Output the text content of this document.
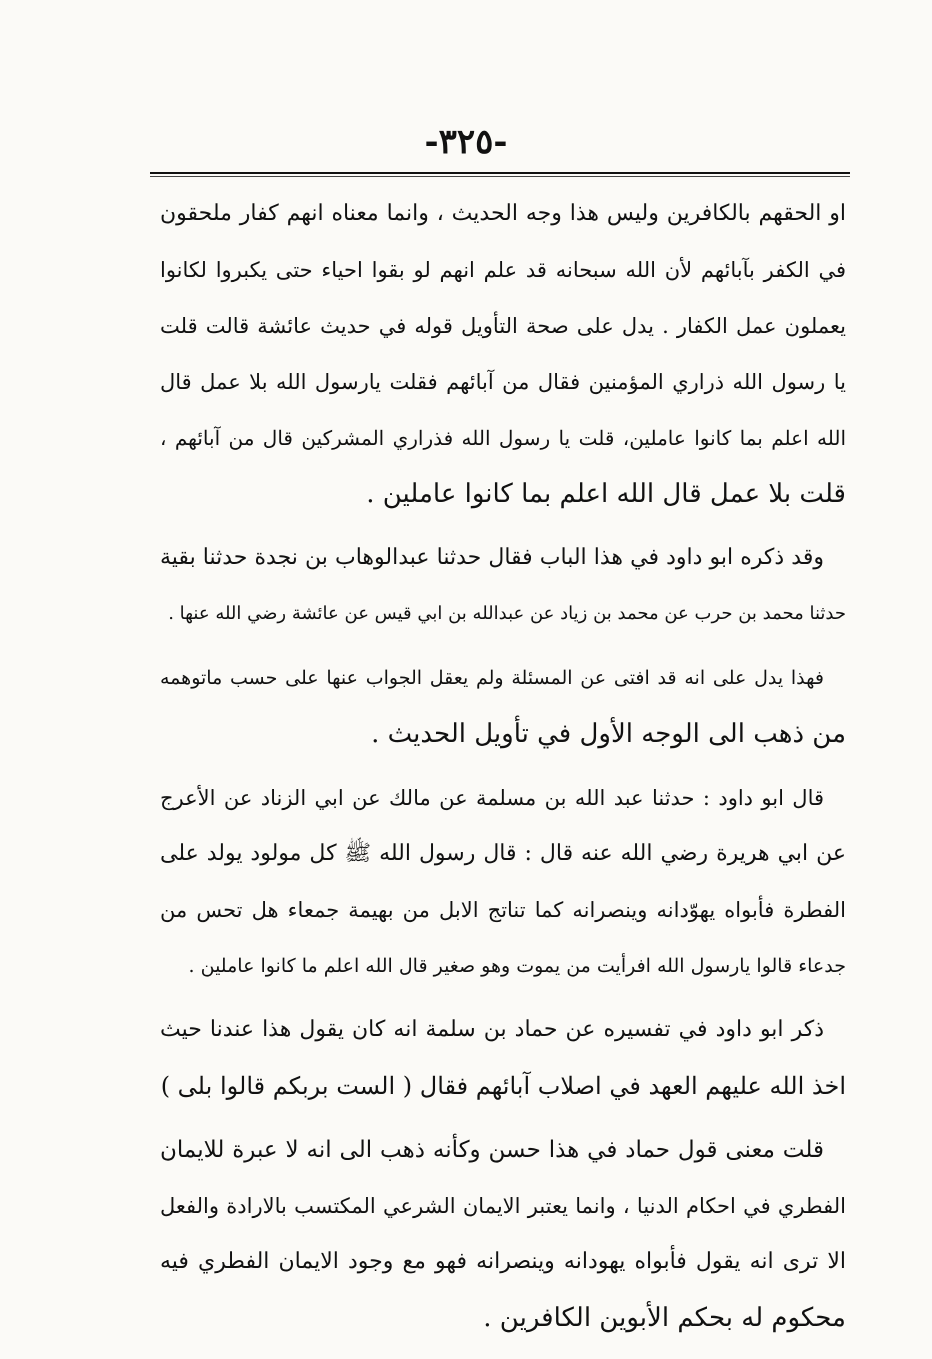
-٣٢٥-
او الحقهم بالكافرين وليس هذا وجه الحديث ، وانما معناه انهم كفار ملحقون
في الكفر بآبائهم لأن الله سبحانه قد علم انهم لو بقوا احياء حتى يكبروا لكانوا
يعملون عمل الكفار . يدل على صحة التأويل قوله في حديث عائشة قالت قلت
يا رسول الله ذراري المؤمنين فقال من آبائهم فقلت يارسول الله بلا عمل قال
الله اعلم بما كانوا عاملين، قلت يا رسول الله فذراري المشركين قال من آبائهم ،
قلت بلا عمل قال الله اعلم بما كانوا عاملين .
وقد ذكره ابو داود في هذا الباب فقال حدثنا عبدالوهاب بن نجدة حدثنا بقية
حدثنا محمد بن حرب عن محمد بن زياد عن عبدالله بن ابي قيس عن عائشة رضي الله عنها .
فهذا يدل على انه قد افتى عن المسئلة ولم يعقل الجواب عنها على حسب ماتوهمه
من ذهب الى الوجه الأول في تأويل الحديث .
قال ابو داود : حدثنا عبد الله بن مسلمة عن مالك عن ابي الزناد عن الأعرج
عن ابي هريرة رضي الله عنه قال : قال رسول الله ﷺ كل مولود يولد على
الفطرة فأبواه يهوّدانه وينصرانه كما تناتج الابل من بهيمة جمعاء هل تحس من
جدعاء قالوا يارسول الله افرأيت من يموت وهو صغير قال الله اعلم ما كانوا عاملين .
ذكر ابو داود في تفسيره عن حماد بن سلمة انه كان يقول هذا عندنا حيث
اخذ الله عليهم العهد في اصلاب آبائهم فقال ( الست بربكم قالوا بلى )
قلت معنى قول حماد في هذا حسن وكأنه ذهب الى انه لا عبرة للايمان
الفطري في احكام الدنيا ، وانما يعتبر الايمان الشرعي المكتسب بالارادة والفعل
الا ترى انه يقول فأبواه يهودانه وينصرانه فهو مع وجود الايمان الفطري فيه
محكوم له بحكم الأبوين الكافرين .
